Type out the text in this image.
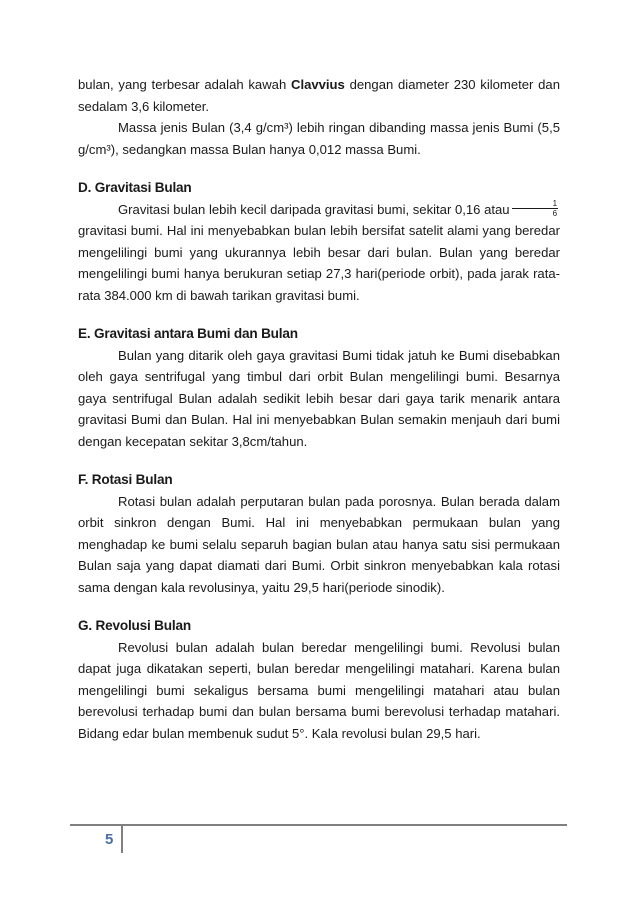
bulan, yang terbesar adalah kawah Clavvius dengan diameter 230 kilometer dan sedalam 3,6 kilometer.

Massa jenis Bulan (3,4 g/cm³) lebih ringan dibanding massa jenis Bumi (5,5 g/cm³), sedangkan massa Bulan hanya 0,012 massa Bumi.

D. Gravitasi Bulan

Gravitasi bulan lebih kecil daripada gravitasi bumi, sekitar 0,16 atau $\frac{1}{6}$

gravitasi bumi. Hal ini menyebabkan bulan lebih bersifat satelit alami yang beredar mengelilingi bumi yang ukurannya lebih besar dari bulan. Bulan yang beredar mengelilingi bumi hanya berukuran setiap 27,3 hari(periode orbit), pada jarak rata-rata 384.000 km di bawah tarikan gravitasi bumi.

E. Gravitasi antara Bumi dan Bulan

Bulan yang ditarik oleh gaya gravitasi Bumi tidak jatuh ke Bumi disebabkan oleh gaya sentrifugal yang timbul dari orbit Bulan mengelilingi bumi. Besarnya gaya sentrifugal Bulan adalah sedikit lebih besar dari gaya tarik menarik antara gravitasi Bumi dan Bulan. Hal ini menyebabkan Bulan semakin menjauh dari bumi dengan kecepatan sekitar 3,8cm/tahun.

F. Rotasi Bulan

Rotasi bulan adalah perputaran bulan pada porosnya. Bulan berada dalam orbit sinkron dengan Bumi. Hal ini menyebabkan permukaan bulan yang menghadap ke bumi selalu separuh bagian bulan atau hanya satu sisi permukaan Bulan saja yang dapat diamati dari Bumi. Orbit sinkron menyebabkan kala rotasi sama dengan kala revolusinya, yaitu 29,5 hari(periode sinodik).

G. Revolusi Bulan

Revolusi bulan adalah bulan beredar mengelilingi bumi. Revolusi bulan dapat juga dikatakan seperti, bulan beredar mengelilingi matahari. Karena bulan mengelilingi bumi sekaligus bersama bumi mengelilingi matahari atau bulan berevolusi terhadap bumi dan bulan bersama bumi berevolusi terhadap matahari. Bidang edar bulan membenuk sudut 5°. Kala revolusi bulan 29,5 hari.

5
